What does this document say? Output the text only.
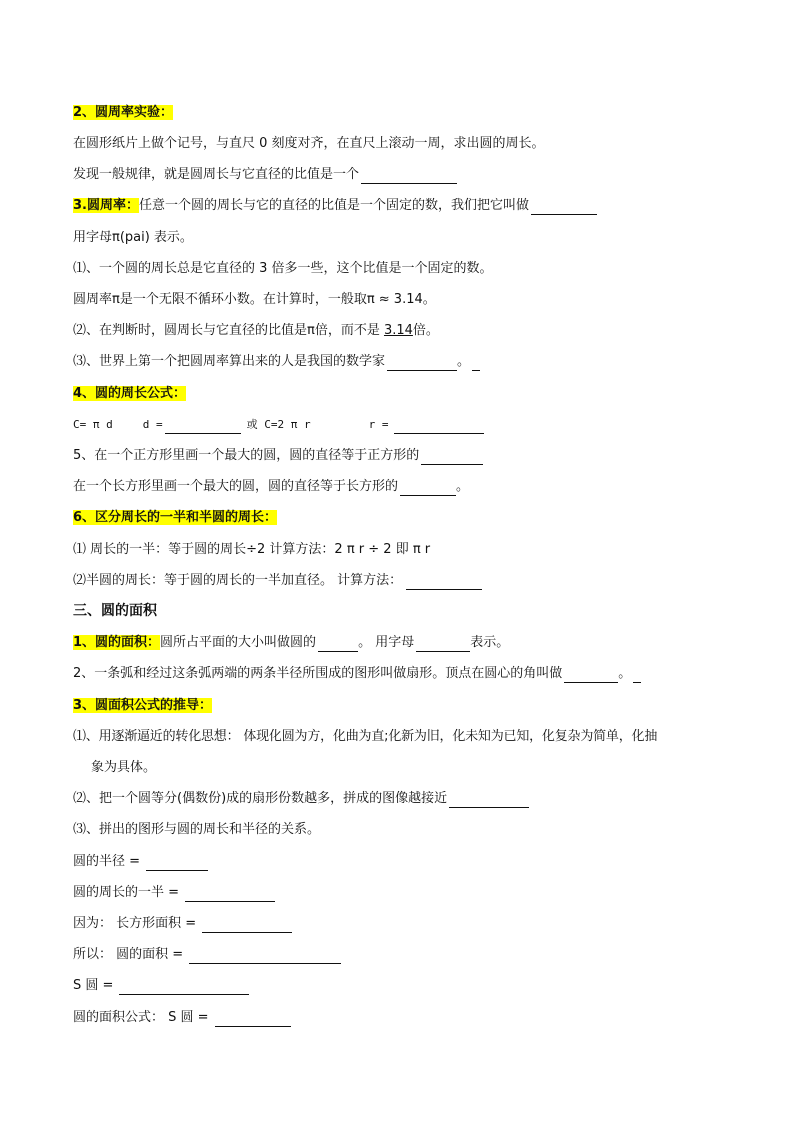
2、圆周率实验：
在圆形纸片上做个记号，与直尺 0 刻度对齐，在直尺上滚动一周，求出圆的周长。
发现一般规律，就是圆周长与它直径的比值是一个
3.圆周率：任意一个圆的周长与它的直径的比值是一个固定的数，我们把它叫做
用字母π(pai) 表示。
⑴、一个圆的周长总是它直径的 3 倍多一些，这个比值是一个固定的数。
圆周率π是一个无限不循环小数。在计算时，一般取π ≈ 3.14。
⑵、在判断时，圆周长与它直径的比值是π倍，而不是 3.14倍。
⑶、世界上第一个把圆周率算出来的人是我国的数学家	。
4、圆的周长公式：
C= π d	d =	或 C=2 π r	r =
5、在一个正方形里画一个最大的圆，圆的直径等于正方形的
在一个长方形里画一个最大的圆，圆的直径等于长方形的	。
6、区分周长的一半和半圆的周长：
⑴ 周长的一半：等于圆的周长÷2 计算方法：2 π r ÷ 2 即 π r
⑵半圆的周长：等于圆的周长的一半加直径。 计算方法：
三、圆的面积
1、圆的面积：圆所占平面的大小叫做圆的	。 用字母	表示。
2、一条弧和经过这条弧两端的两条半径所围成的图形叫做扇形。顶点在圆心的角叫做	。
3、圆面积公式的推导：
⑴、用逐渐逼近的转化思想： 体现化圆为方，化曲为直;化新为旧，化未知为已知，化复杂为简单，化抽
象为具体。
⑵、把一个圆等分(偶数份)成的扇形份数越多，拼成的图像越接近
⑶、拼出的图形与圆的周长和半径的关系。
圆的半径 =
圆的周长的一半 =
因为： 长方形面积 =
所以： 圆的面积 =
S 圆 =
圆的面积公式： S 圆 =
